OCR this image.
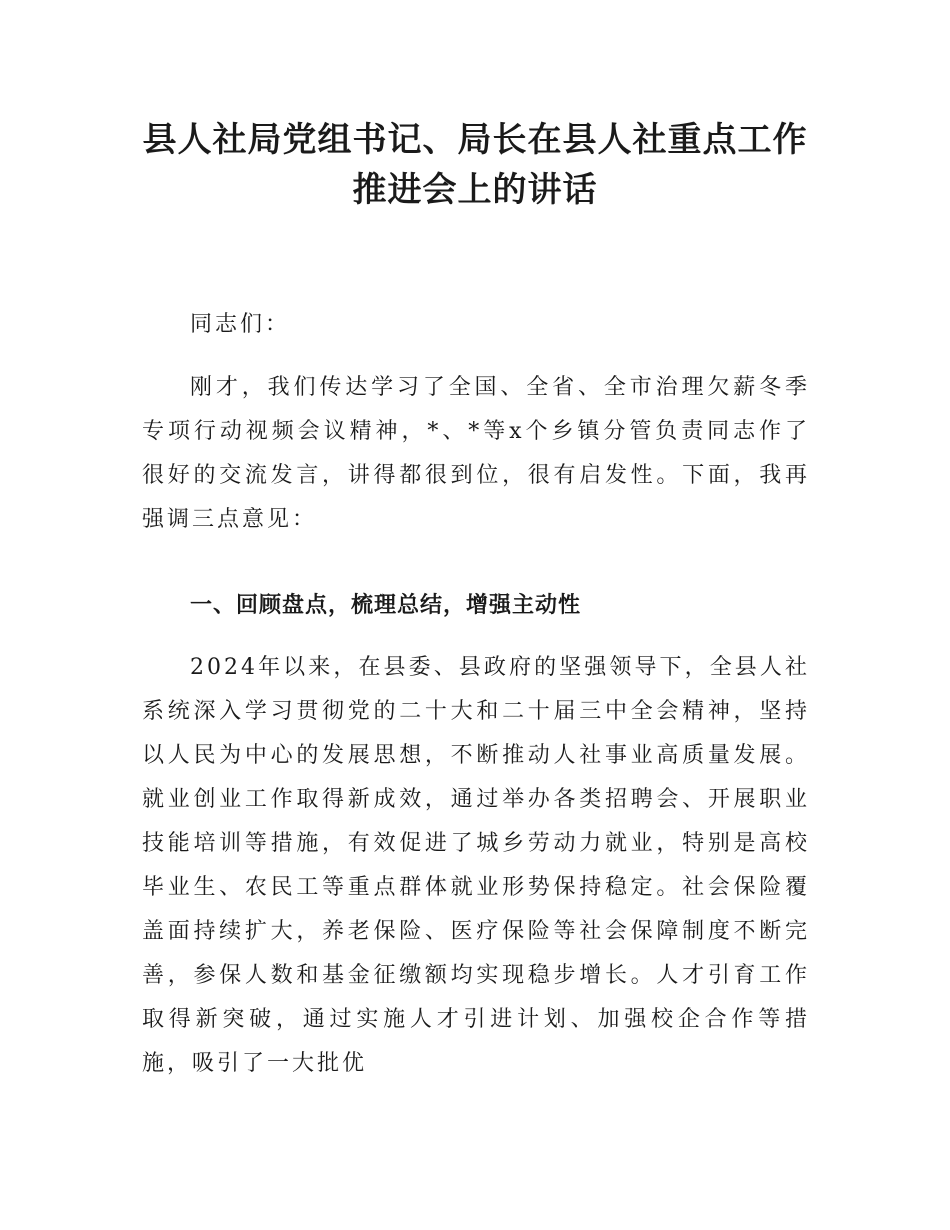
县人社局党组书记、局长在县人社重点工作
推进会上的讲话

同志们：

刚才，我们传达学习了全国、全省、全市治理欠薪冬季专项行动视频会议精神，*、*等x个乡镇分管负责同志作了很好的交流发言，讲得都很到位，很有启发性。下面，我再强调三点意见：

一、回顾盘点，梳理总结，增强主动性

2024年以来，在县委、县政府的坚强领导下，全县人社系统深入学习贯彻党的二十大和二十届三中全会精神，坚持以人民为中心的发展思想，不断推动人社事业高质量发展。就业创业工作取得新成效，通过举办各类招聘会、开展职业技能培训等措施，有效促进了城乡劳动力就业，特别是高校毕业生、农民工等重点群体就业形势保持稳定。社会保险覆盖面持续扩大，养老保险、医疗保险等社会保障制度不断完善，参保人数和基金征缴额均实现稳步增长。人才引育工作取得新突破，通过实施人才引进计划、加强校企合作等措施，吸引了一大批优
